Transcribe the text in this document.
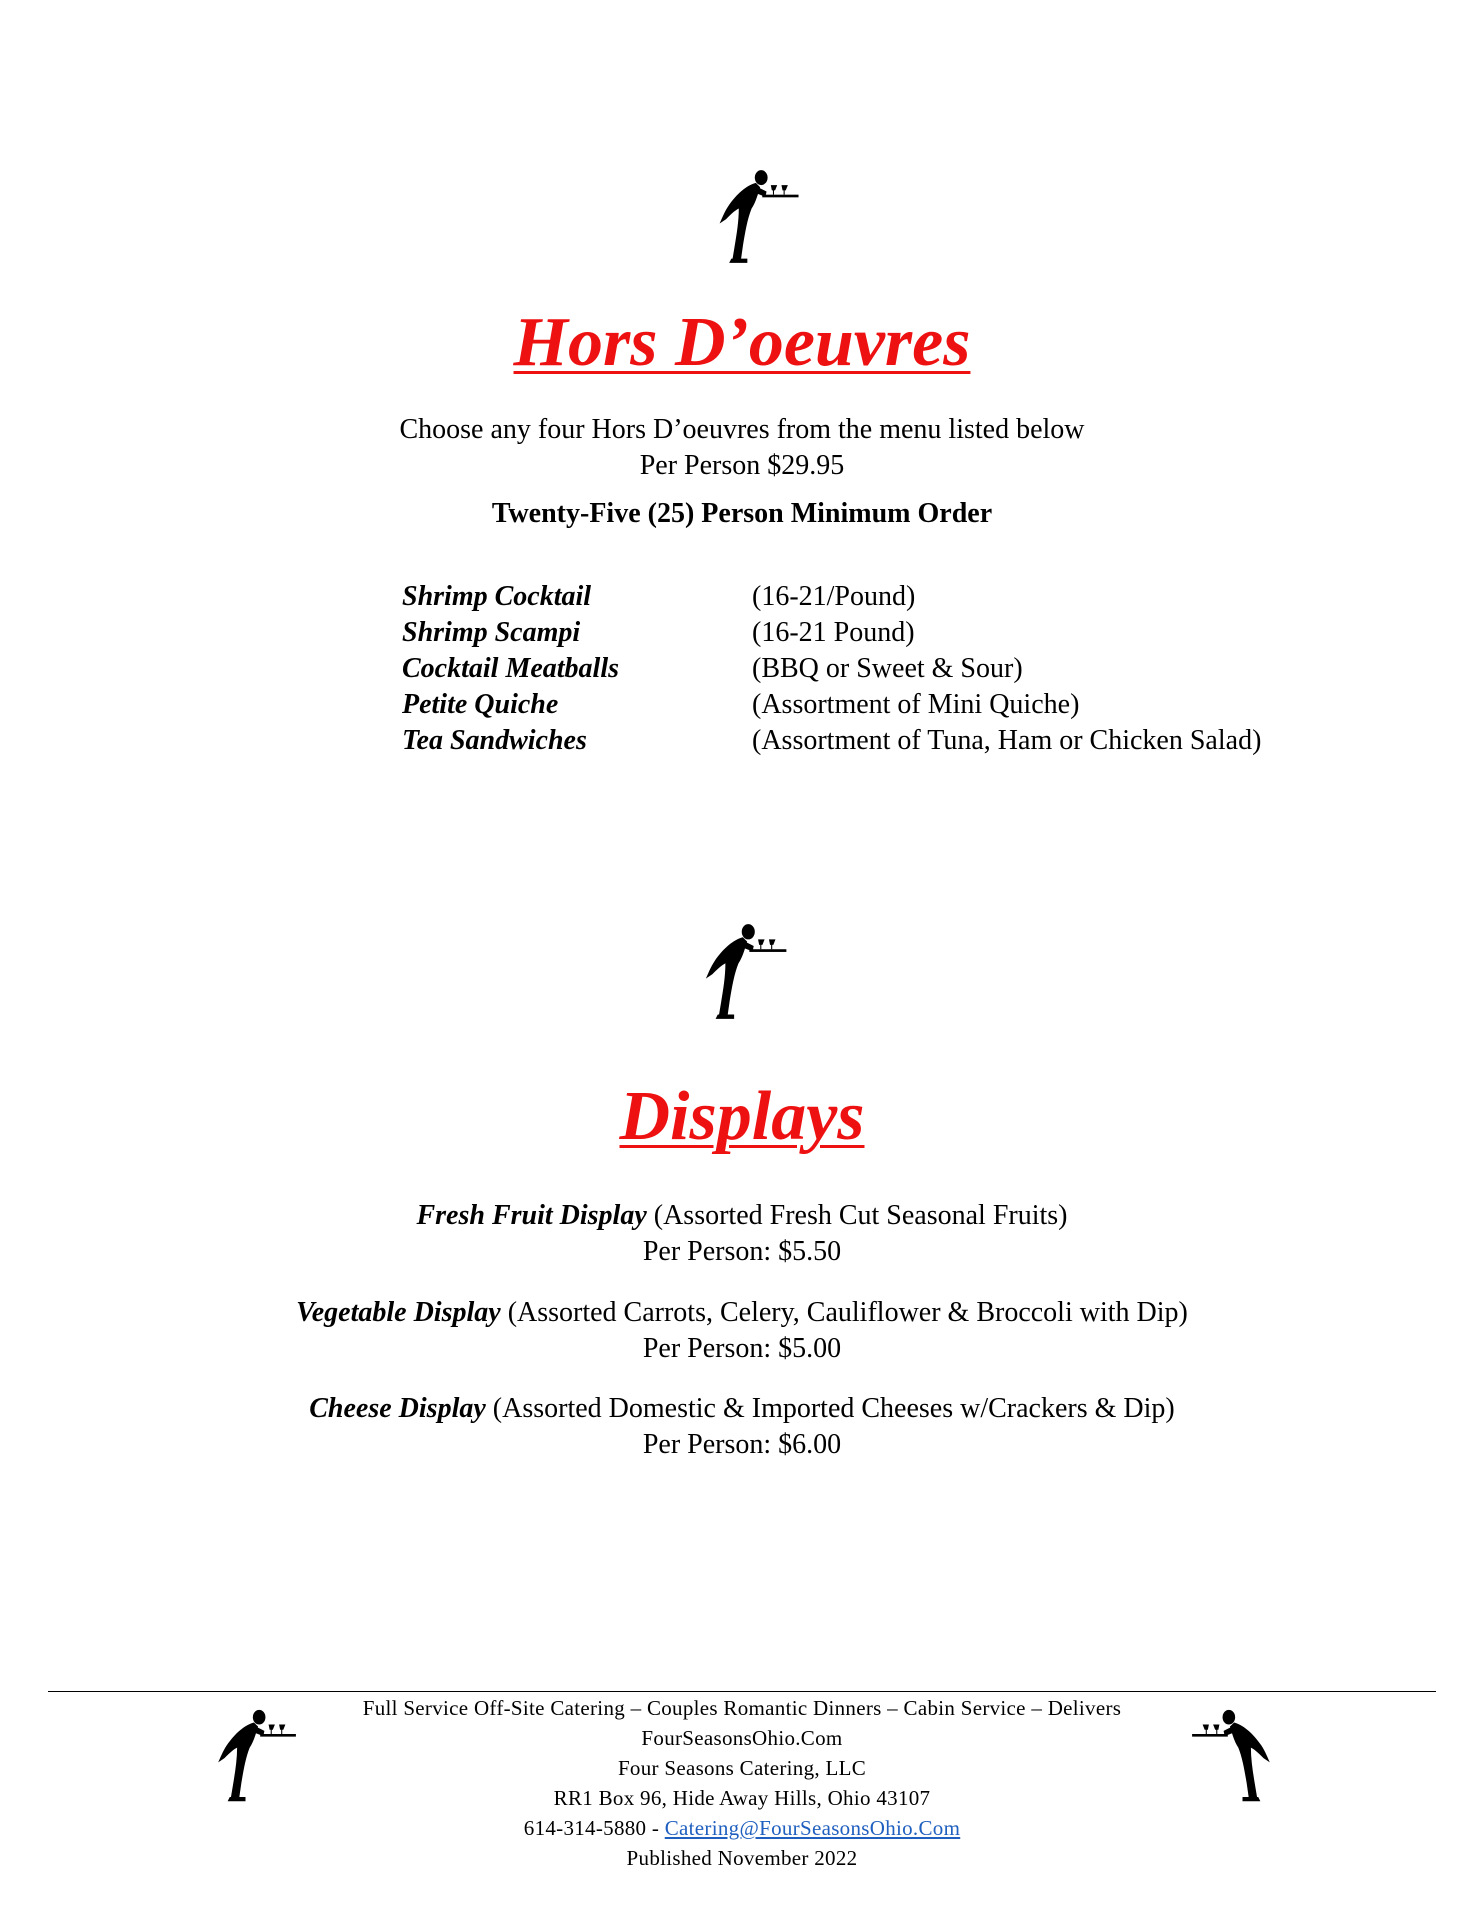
Hors D’oeuvres
Choose any four Hors D’oeuvres from the menu listed below
Per Person $29.95
Twenty-Five (25) Person Minimum Order
Shrimp Cocktail	(16-21/Pound)
Shrimp Scampi	(16-21 Pound)
Cocktail Meatballs	(BBQ or Sweet & Sour)
Petite Quiche	(Assortment of Mini Quiche)
Tea Sandwiches	(Assortment of Tuna, Ham or Chicken Salad)
Displays
Fresh Fruit Display (Assorted Fresh Cut Seasonal Fruits)
Per Person: $5.50
Vegetable Display (Assorted Carrots, Celery, Cauliflower & Broccoli with Dip)
Per Person: $5.00
Cheese Display (Assorted Domestic & Imported Cheeses w/Crackers & Dip)
Per Person: $6.00
Full Service Off-Site Catering – Couples Romantic Dinners – Cabin Service – Delivers
FourSeasonsOhio.Com
Four Seasons Catering, LLC
RR1 Box 96, Hide Away Hills, Ohio 43107
614-314-5880 - Catering@FourSeasonsOhio.Com
Published November 2022
